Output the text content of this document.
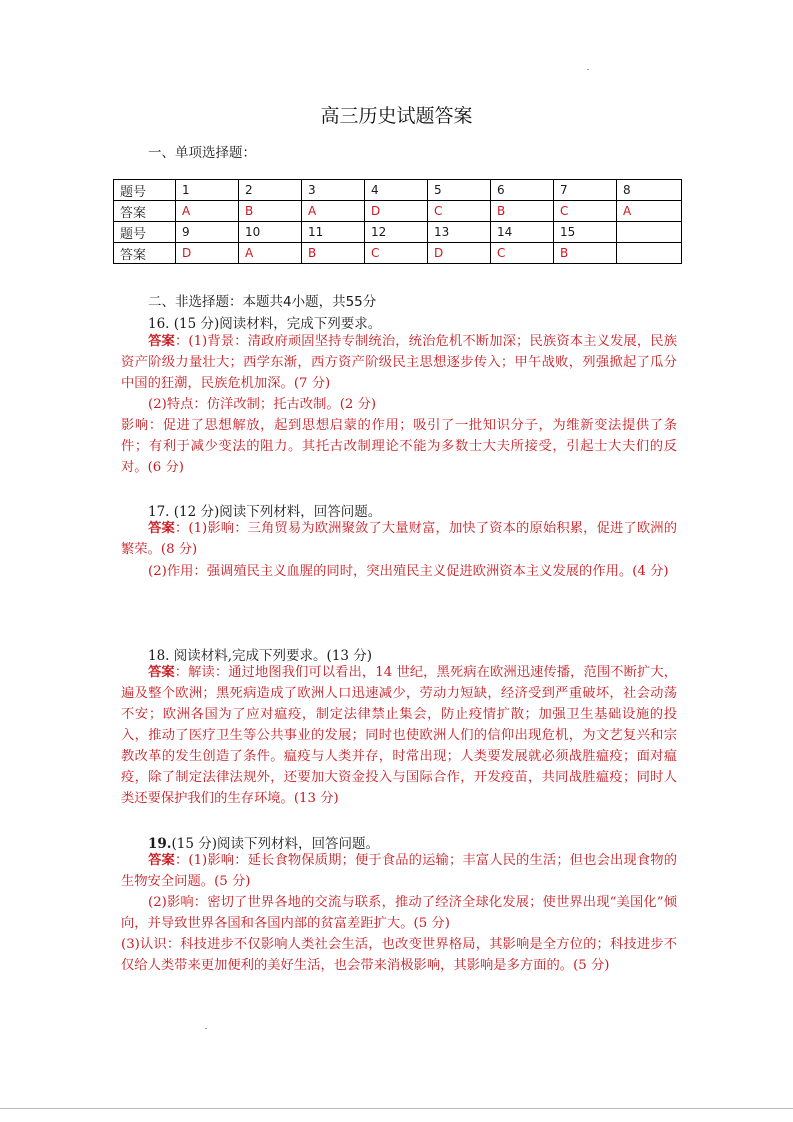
高三历史试题答案
一、单项选择题：
题号	1	2	3	4	5	6	7	8
答案	A	B	A	D	C	B	C	A
题号	9	10	11	12	13	14	15	
答案	D	A	B	C	D	C	B	
二、非选择题：本题共4小题，共55分
16. (15 分)阅读材料，完成下列要求。

答案：(1)背景：清政府顽固坚持专制统治，统治危机不断加深；民族资本主义发展，民族资产阶级力量壮大；西学东渐，西方资产阶级民主思想逐步传入；甲午战败，列强掀起了瓜分中国的狂潮，民族危机加深。(7 分)

(2)特点：仿洋改制；托古改制。(2 分)

影响：促进了思想解放，起到思想启蒙的作用；吸引了一批知识分子，为维新变法提供了条件；有利于减少变法的阻力。其托古改制理论不能为多数士大夫所接受，引起士大夫们的反对。(6 分)

17. (12 分)阅读下列材料，回答问题。

答案：(1)影响：三角贸易为欧洲聚敛了大量财富，加快了资本的原始积累，促进了欧洲的繁荣。(8 分)

(2)作用：强调殖民主义血腥的同时，突出殖民主义促进欧洲资本主义发展的作用。(4 分)

18. 阅读材料,完成下列要求。(13 分)

答案：解读：通过地图我们可以看出，14 世纪，黑死病在欧洲迅速传播，范围不断扩大，遍及整个欧洲；黑死病造成了欧洲人口迅速减少，劳动力短缺，经济受到严重破坏，社会动荡不安；欧洲各国为了应对瘟疫，制定法律禁止集会，防止疫情扩散；加强卫生基础设施的投入，推动了医疗卫生等公共事业的发展；同时也使欧洲人们的信仰出现危机，为文艺复兴和宗教改革的发生创造了条件。瘟疫与人类并存，时常出现；人类要发展就必须战胜瘟疫；面对瘟疫，除了制定法律法规外，还要加大资金投入与国际合作，开发疫苗，共同战胜瘟疫；同时人类还要保护我们的生存环境。(13 分)

19.(15 分)阅读下列材料，回答问题。

答案：(1)影响：延长食物保质期；便于食品的运输；丰富人民的生活；但也会出现食物的生物安全问题。(5 分)

(2)影响：密切了世界各地的交流与联系，推动了经济全球化发展；使世界出现“美国化”倾向，并导致世界各国和各国内部的贫富差距扩大。(5 分)

(3)认识：科技进步不仅影响人类社会生活，也改变世界格局，其影响是全方位的；科技进步不仅给人类带来更加便利的美好生活，也会带来消极影响，其影响是多方面的。(5 分)
